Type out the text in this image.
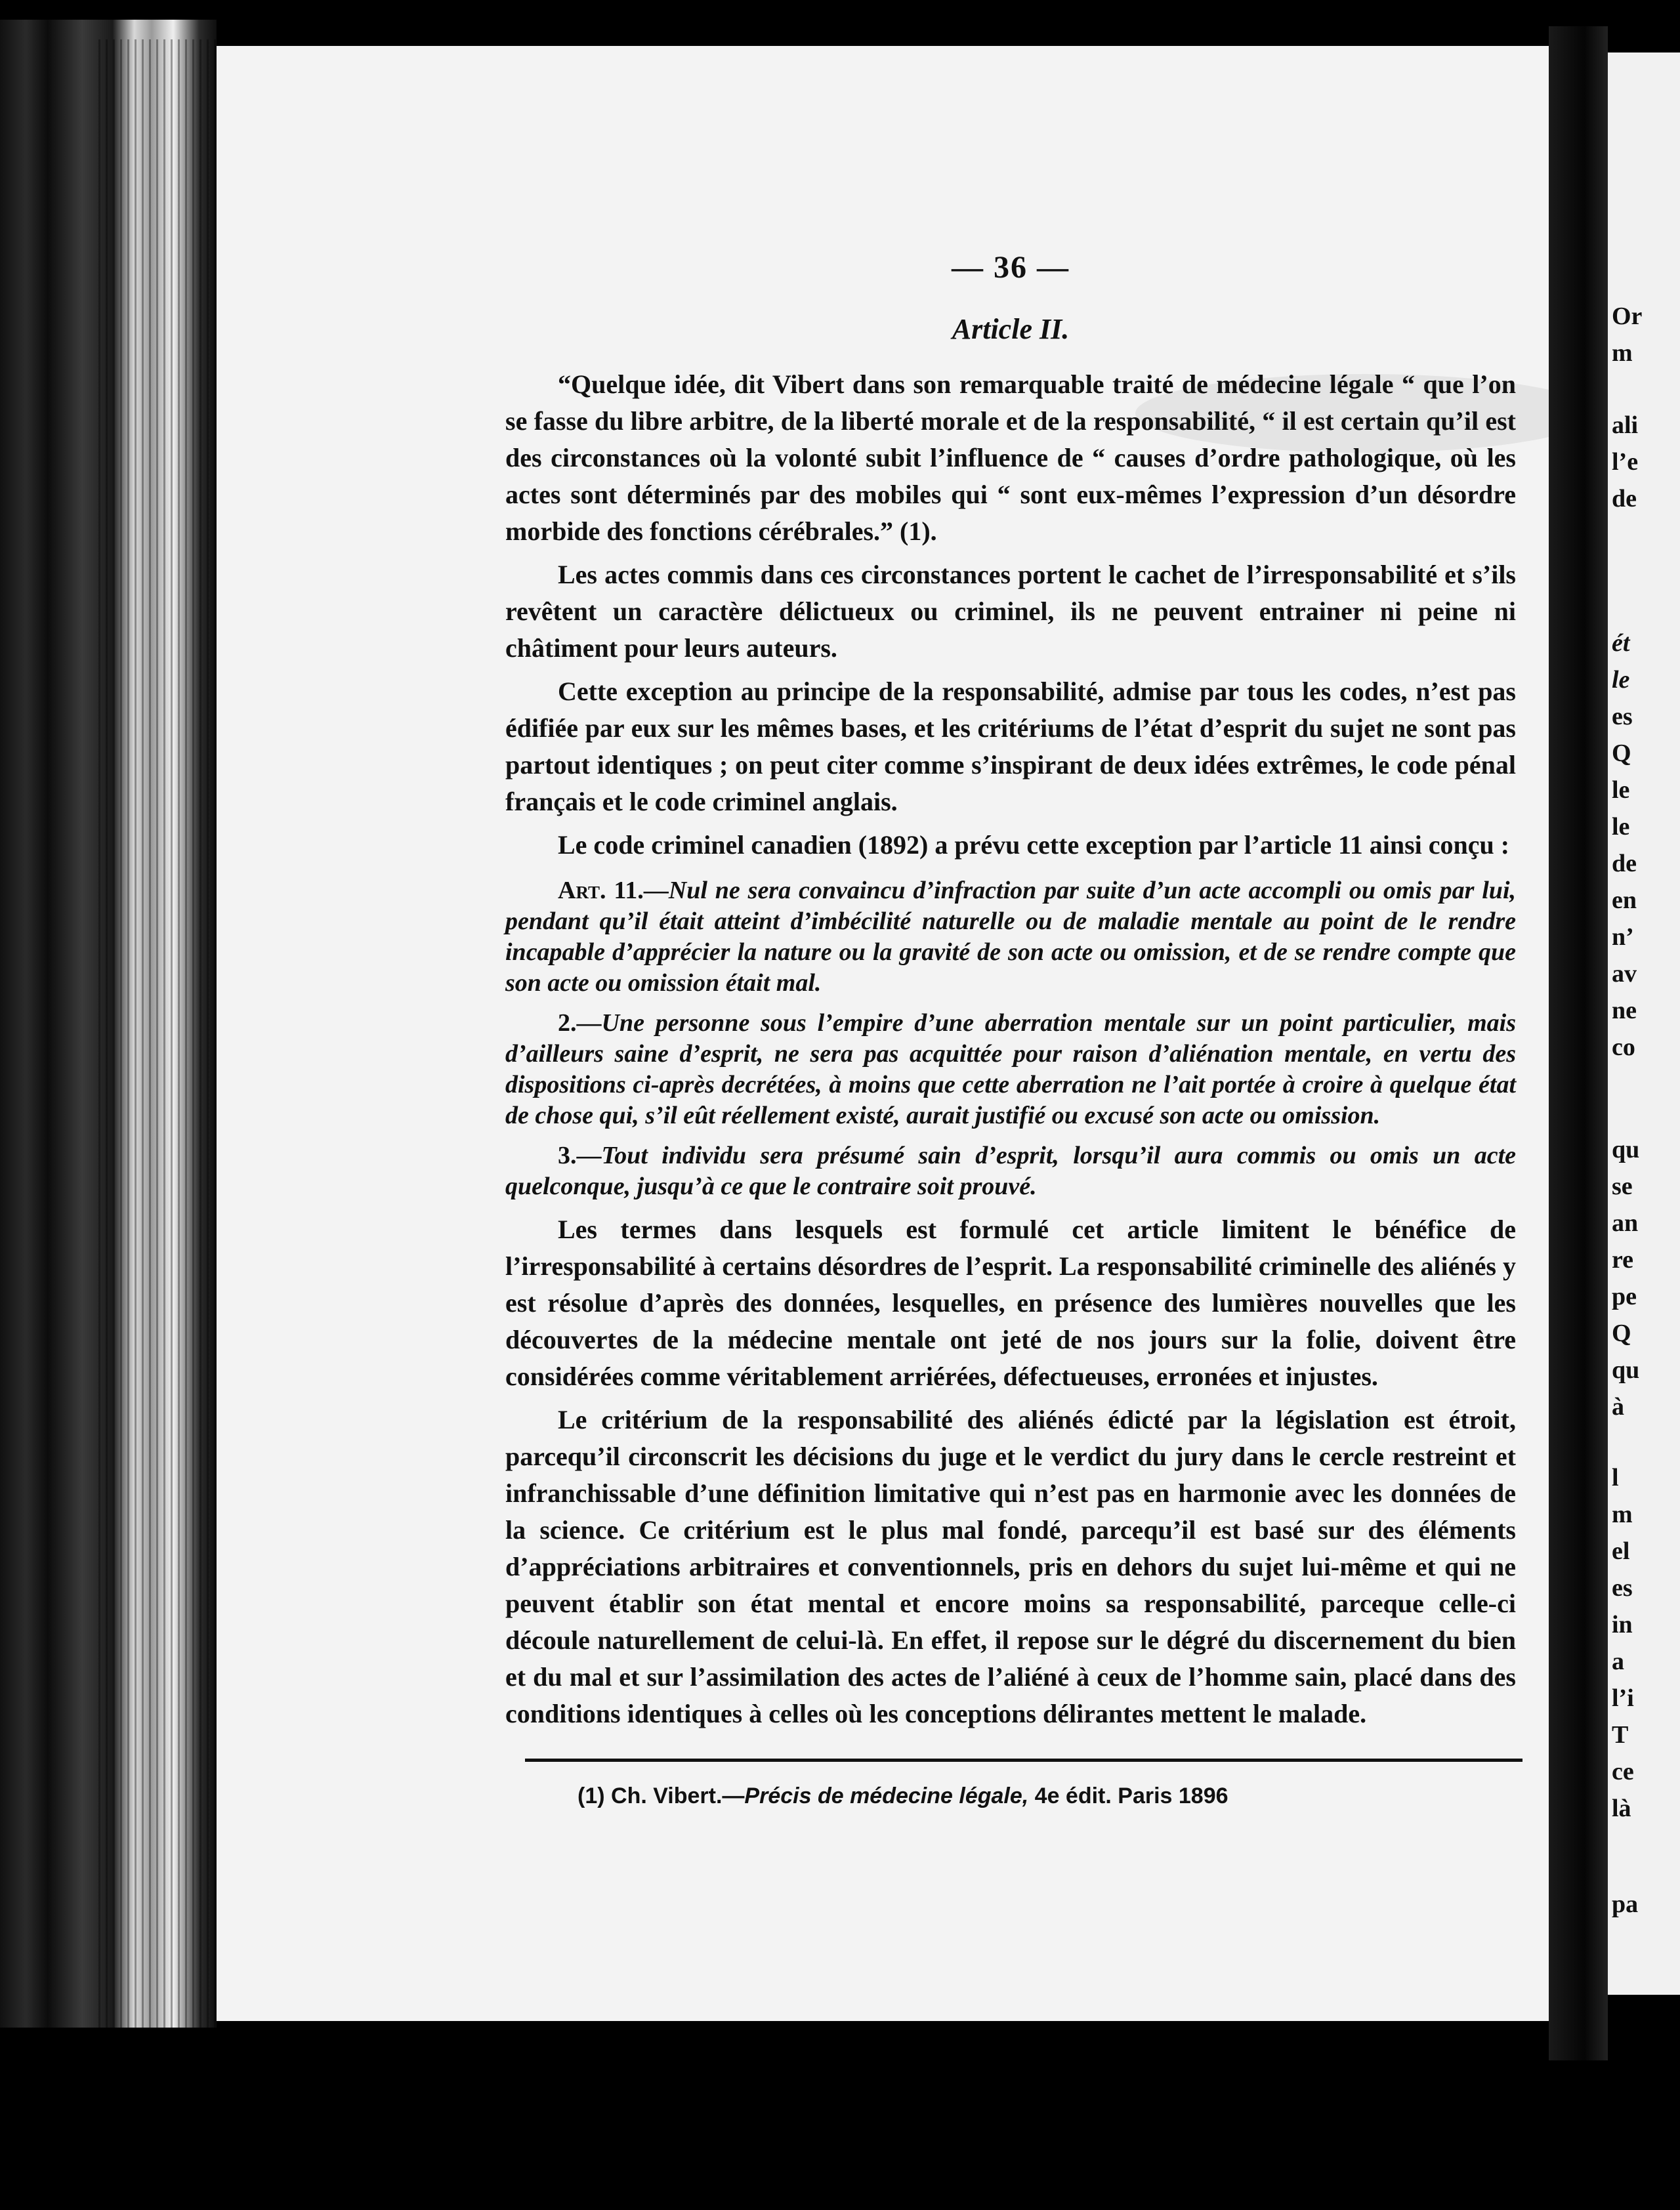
Or
m
ali
l’e
de
ét
le
es
Q
le
le
de
en
n’
av
ne
co
qu
se
an
re
pe
Q
qu
à
l
m
el
es
in
a
l’i
T
ce
là
pa
— 36 —
Article II.

“Quelque idée, dit Vibert dans son remarquable traité de médecine légale “ que l’on se fasse du libre arbitre, de la liberté morale et de la responsabilité, “ il est certain qu’il est des circonstances où la volonté subit l’influence de “ causes d’ordre pathologique, où les actes sont déterminés par des mobiles qui “ sont eux-mêmes l’expression d’un désordre morbide des fonctions cérébrales.” (1).

Les actes commis dans ces circonstances portent le cachet de l’irresponsabilité et s’ils revêtent un caractère délictueux ou criminel, ils ne peuvent entrainer ni peine ni châtiment pour leurs auteurs.

Cette exception au principe de la responsabilité, admise par tous les codes, n’est pas édifiée par eux sur les mêmes bases, et les critériums de l’état d’esprit du sujet ne sont pas partout identiques ; on peut citer comme s’inspirant de deux idées extrêmes, le code pénal français et le code criminel anglais.

Le code criminel canadien (1892) a prévu cette exception par l’article 11 ainsi conçu :

Art. 11.—Nul ne sera convaincu d’infraction par suite d’un acte accompli ou omis par lui, pendant qu’il était atteint d’imbécilité naturelle ou de maladie mentale au point de le rendre incapable d’apprécier la nature ou la gravité de son acte ou omission, et de se rendre compte que son acte ou omission était mal.

2.—Une personne sous l’empire d’une aberration mentale sur un point particulier, mais d’ailleurs saine d’esprit, ne sera pas acquittée pour raison d’aliénation mentale, en vertu des dispositions ci-après decrétées, à moins que cette aberration ne l’ait portée à croire à quelque état de chose qui, s’il eût réellement existé, aurait justifié ou excusé son acte ou omission.

3.—Tout individu sera présumé sain d’esprit, lorsqu’il aura commis ou omis un acte quelconque, jusqu’à ce que le contraire soit prouvé.

Les termes dans lesquels est formulé cet article limitent le bénéfice de l’irresponsabilité à certains désordres de l’esprit. La responsabilité criminelle des aliénés y est résolue d’après des données, lesquelles, en présence des lumières nouvelles que les découvertes de la médecine mentale ont jeté de nos jours sur la folie, doivent être considérées comme véritablement arriérées, défectueuses, erronées et injustes.

Le critérium de la responsabilité des aliénés édicté par la législation est étroit, parcequ’il circonscrit les décisions du juge et le verdict du jury dans le cercle restreint et infranchissable d’une définition limitative qui n’est pas en harmonie avec les données de la science. Ce critérium est le plus mal fondé, parcequ’il est basé sur des éléments d’appréciations arbitraires et conventionnels, pris en dehors du sujet lui-même et qui ne peuvent établir son état mental et encore moins sa responsabilité, parceque celle-ci découle naturellement de celui-là. En effet, il repose sur le dégré du discernement du bien et du mal et sur l’assimilation des actes de l’aliéné à ceux de l’homme sain, placé dans des conditions identiques à celles où les conceptions délirantes mettent le malade.

(1) Ch. Vibert.—Précis de médecine légale, 4e édit. Paris 1896
